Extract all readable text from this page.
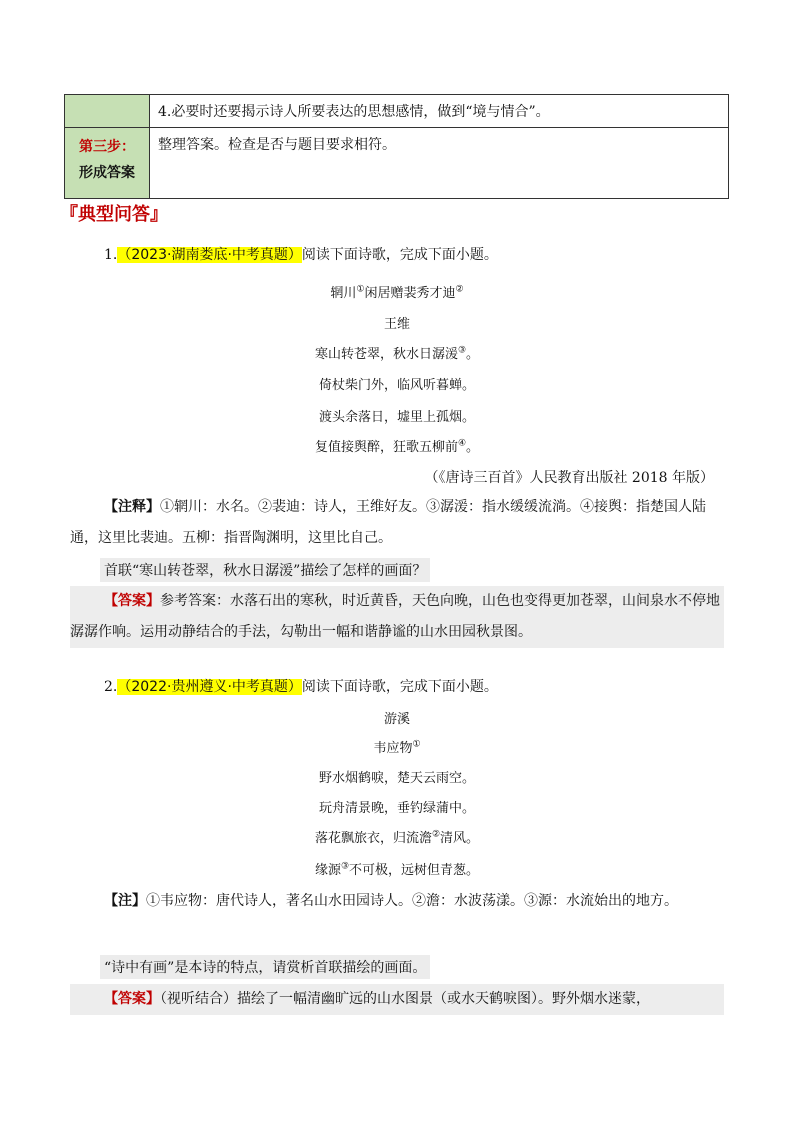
	4.必要时还要揭示诗人所要表达的思想感情，做到“境与情合”。

第三步：
形成答案	整理答案。检查是否与题目要求相符。
『典型问答』
1.（2023·湖南娄底·中考真题）阅读下面诗歌，完成下面小题。
辋川①闲居赠裴秀才迪②
王维
寒山转苍翠，秋水日潺湲③。
倚杖柴门外，临风听暮蝉。
渡头余落日，墟里上孤烟。
复值接舆醉，狂歌五柳前④。
（《唐诗三百首》人民教育出版社 2018 年版）
【注释】①辋川：水名。②裴迪：诗人，王维好友。③潺湲：指水缓缓流淌。④接舆：指楚国人陆通，这里比裴迪。五柳：指晋陶渊明，这里比自己。
首联“寒山转苍翠，秋水日潺湲”描绘了怎样的画面？
【答案】参考答案：水落石出的寒秋，时近黄昏，天色向晚，山色也变得更加苍翠，山间泉水不停地潺潺作响。运用动静结合的手法，勾勒出一幅和谐静谧的山水田园秋景图。
2.（2022·贵州遵义·中考真题）阅读下面诗歌，完成下面小题。
游溪
韦应物①
野水烟鹤唳，楚天云雨空。
玩舟清景晚，垂钓绿蒲中。
落花飘旅衣，归流澹②清风。
缘源③不可极，远树但青葱。
【注】①韦应物：唐代诗人，著名山水田园诗人。②澹：水波荡漾。③源：水流始出的地方。
“诗中有画”是本诗的特点，请赏析首联描绘的画面。
【答案】（视听结合）描绘了一幅清幽旷远的山水图景（或水天鹤唳图）。野外烟水迷蒙，
